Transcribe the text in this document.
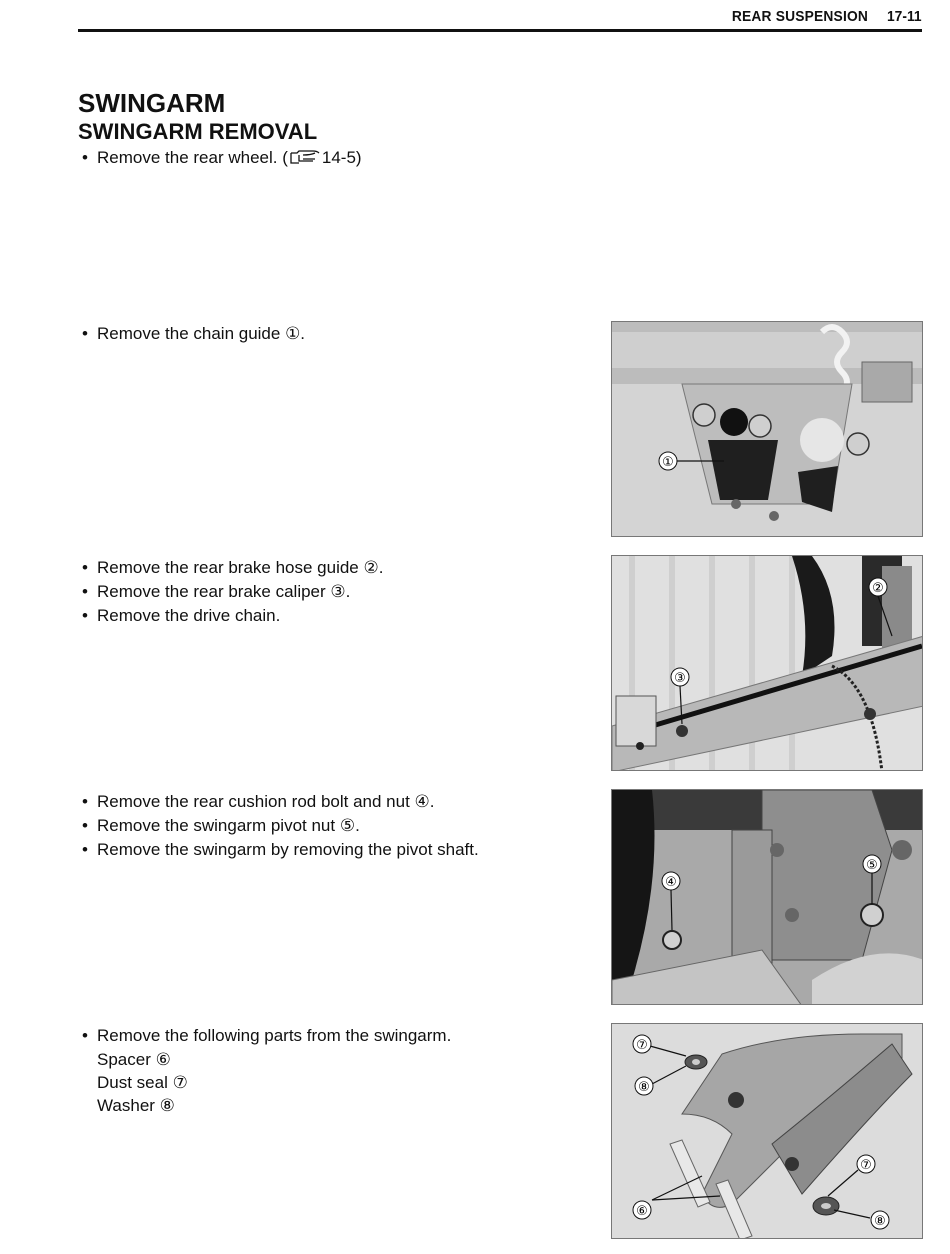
REAR SUSPENSION 17-11
SWINGARM
SWINGARM REMOVAL
• Remove the rear wheel. ( 14-5)
• Remove the chain guide ①.
①
• Remove the rear brake hose guide ②.
• Remove the rear brake caliper ③.
• Remove the drive chain.
②
③
• Remove the rear cushion rod bolt and nut ④.
• Remove the swingarm pivot nut ⑤.
• Remove the swingarm by removing the pivot shaft.
④
⑤
• Remove the following parts from the swingarm.
Spacer ⑥
Dust seal ⑦
Washer ⑧
⑥
⑦
⑧
⑦
⑧
